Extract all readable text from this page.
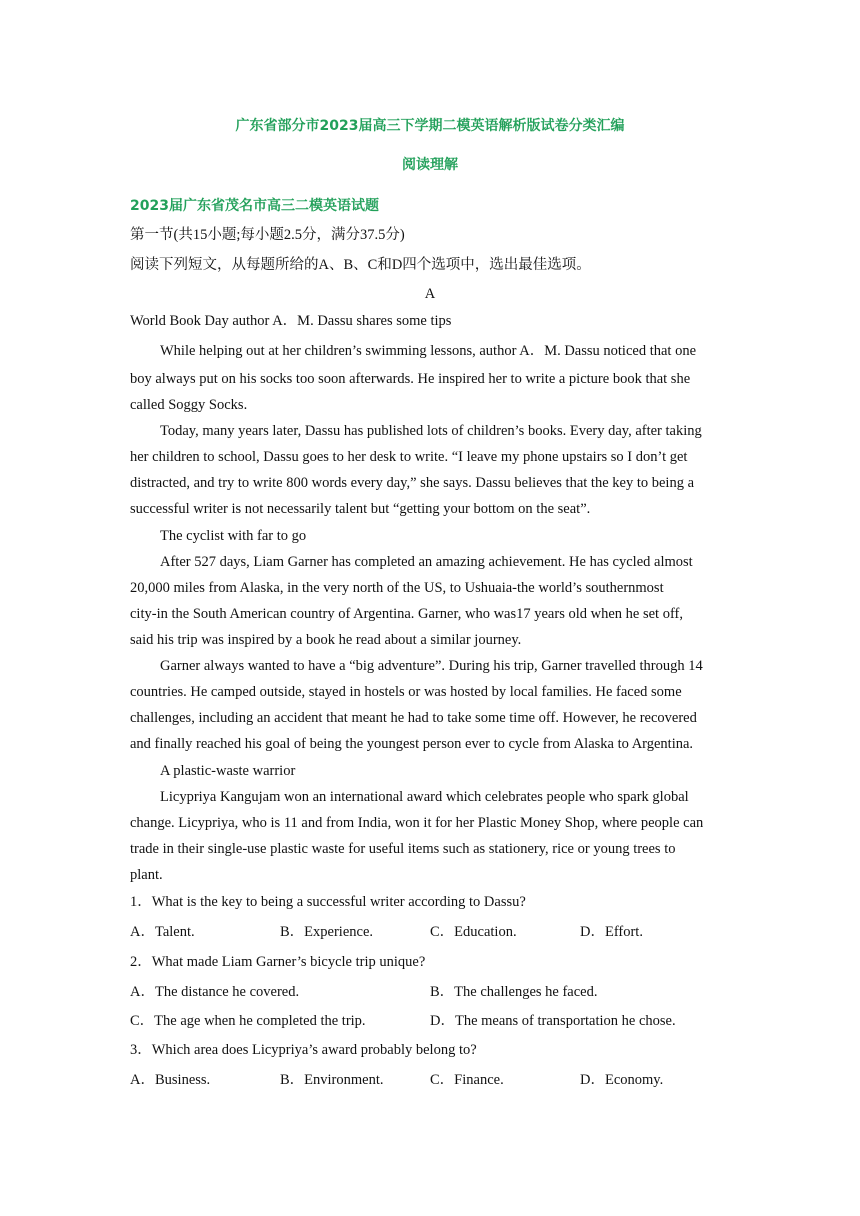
广东省部分市2023届高三下学期二模英语解析版试卷分类汇编
阅读理解
2023届广东省茂名市高三二模英语试题
第一节(共15小题;每小题2.5分，满分37.5分)
阅读下列短文，从每题所给的A、B、C和D四个选项中，选出最佳选项。
A
World Book Day author A．M. Dassu shares some tips
While helping out at her children’s swimming lessons, author A．M. Dassu noticed that one
boy always put on his socks too soon afterwards. He inspired her to write a picture book that she
called Soggy Socks.
Today, many years later, Dassu has published lots of children’s books. Every day, after taking
her children to school, Dassu goes to her desk to write. “I leave my phone upstairs so I don’t get
distracted, and try to write 800 words every day,” she says. Dassu believes that the key to being a
successful writer is not necessarily talent but “getting your bottom on the seat”.
The cyclist with far to go
After 527 days, Liam Garner has completed an amazing achievement. He has cycled almost
20,000 miles from Alaska, in the very north of the US, to Ushuaia-the world’s southernmost
city-in the South American country of Argentina. Garner, who was17 years old when he set off,
said his trip was inspired by a book he read about a similar journey.
Garner always wanted to have a “big adventure”. During his trip, Garner travelled through 14
countries. He camped outside, stayed in hostels or was hosted by local families. He faced some
challenges, including an accident that meant he had to take some time off. However, he recovered
and finally reached his goal of being the youngest person ever to cycle from Alaska to Argentina.
A plastic-waste warrior
Licypriya Kangujam won an international award which celebrates people who spark global
change. Licypriya, who is 11 and from India, won it for her Plastic Money Shop, where people can
trade in their single-use plastic waste for useful items such as stationery, rice or young trees to
plant.
1．What is the key to being a successful writer according to Dassu?
A．Talent.	B．Experience.	C．Education.	D．Effort.
2．What made Liam Garner’s bicycle trip unique?
A．The distance he covered.	B．The challenges he faced.
C．The age when he completed the trip.	D．The means of transportation he chose.
3．Which area does Licypriya’s award probably belong to?
A．Business.	B．Environment.	C．Finance.	D．Economy.
